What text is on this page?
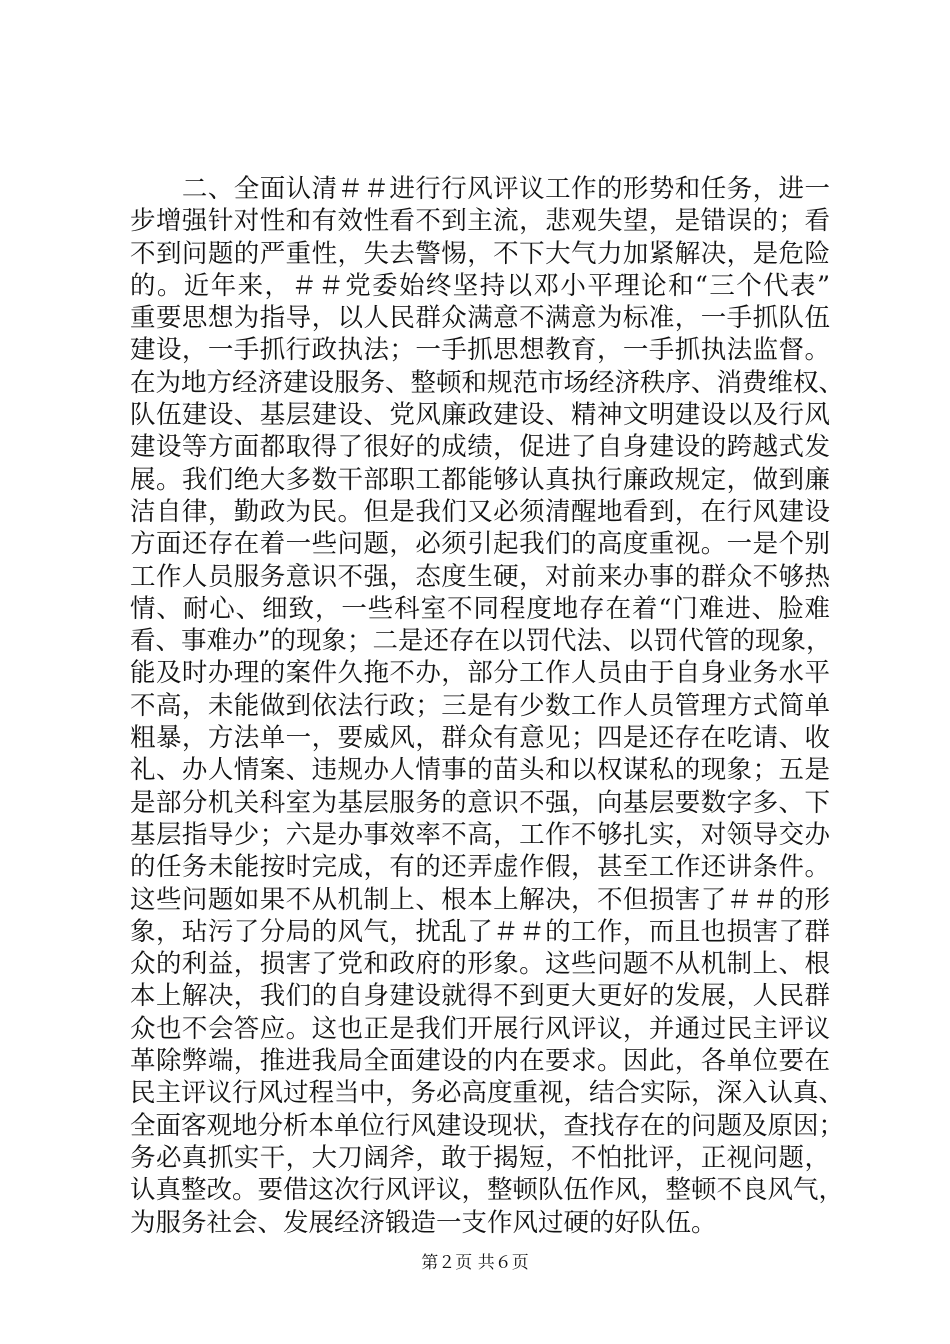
　　二、全面认清＃＃进行行风评议工作的形势和任务，进一
步增强针对性和有效性看不到主流，悲观失望，是错误的；看
不到问题的严重性，失去警惕，不下大气力加紧解决，是危险
的。近年来，＃＃党委始终坚持以邓小平理论和“三个代表”
重要思想为指导，以人民群众满意不满意为标准，一手抓队伍
建设，一手抓行政执法；一手抓思想教育，一手抓执法监督。
在为地方经济建设服务、整顿和规范市场经济秩序、消费维权、
队伍建设、基层建设、党风廉政建设、精神文明建设以及行风
建设等方面都取得了很好的成绩，促进了自身建设的跨越式发
展。我们绝大多数干部职工都能够认真执行廉政规定，做到廉
洁自律，勤政为民。但是我们又必须清醒地看到，在行风建设
方面还存在着一些问题，必须引起我们的高度重视。一是个别
工作人员服务意识不强，态度生硬，对前来办事的群众不够热
情、耐心、细致，一些科室不同程度地存在着“门难进、脸难
看、事难办”的现象；二是还存在以罚代法、以罚代管的现象，
能及时办理的案件久拖不办，部分工作人员由于自身业务水平
不高，未能做到依法行政；三是有少数工作人员管理方式简单
粗暴，方法单一，要威风，群众有意见；四是还存在吃请、收
礼、办人情案、违规办人情事的苗头和以权谋私的现象；五是
是部分机关科室为基层服务的意识不强，向基层要数字多、下
基层指导少；六是办事效率不高，工作不够扎实，对领导交办
的任务未能按时完成，有的还弄虚作假，甚至工作还讲条件。
这些问题如果不从机制上、根本上解决，不但损害了＃＃的形
象，玷污了分局的风气，扰乱了＃＃的工作，而且也损害了群
众的利益，损害了党和政府的形象。这些问题不从机制上、根
本上解决，我们的自身建设就得不到更大更好的发展，人民群
众也不会答应。这也正是我们开展行风评议，并通过民主评议
革除弊端，推进我局全面建设的内在要求。因此，各单位要在
民主评议行风过程当中，务必高度重视，结合实际，深入认真、
全面客观地分析本单位行风建设现状，查找存在的问题及原因；
务必真抓实干，大刀阔斧，敢于揭短，不怕批评，正视问题，
认真整改。要借这次行风评议，整顿队伍作风，整顿不良风气，
为服务社会、发展经济锻造一支作风过硬的好队伍。
第２页 共６页
